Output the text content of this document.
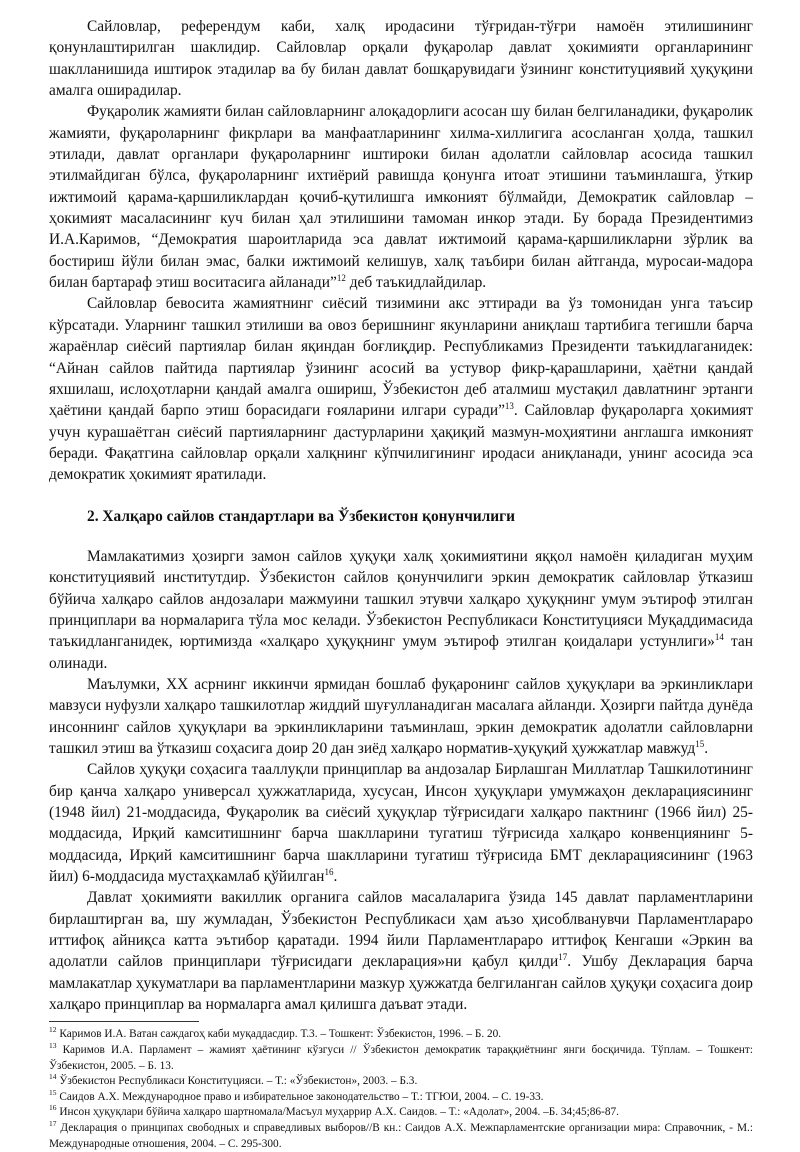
Сайловлар, референдум каби, халқ иродасини тўғридан-тўғри намоён этилишининг қонунлаштирилган шаклидир. Сайловлар орқали фуқаролар давлат ҳокимияти органларининг шаклланишида иштирок этадилар ва бу билан давлат бошқарувидаги ўзининг конституциявий ҳуқуқини амалга оширадилар.

Фуқаролик жамияти билан сайловларнинг алоқадорлиги асосан шу билан белгиланадики, фуқаролик жамияти, фуқароларнинг фикрлари ва манфаатларининг хилма-хиллигига асосланган ҳолда, ташкил этилади, давлат органлари фуқароларнинг иштироки билан адолатли сайловлар асосида ташкил этилмайдиган бўлса, фуқароларнинг ихтиёрий равишда қонунга итоат этишини таъминлашга, ўткир ижтимоий қарама-қаршиликлардан қочиб-қутилишга имконият бўлмайди, Демократик сайловлар – ҳокимият масаласининг куч билан ҳал этилишини тамоман инкор этади. Бу борада Президентимиз И.А.Каримов, “Демократия шароитларида эса давлат ижтимоий қарама-қаршиликларни зўрлик ва бостириш йўли билан эмас, балки ижтимоий келишув, халқ таъбири билан айтганда, муросаи-мадора билан бартараф этиш воситасига айланади”$^{12}$ деб таъкидлайдилар.

Сайловлар бевосита жамиятнинг сиёсий тизимини акс эттиради ва ўз томонидан унга таъсир кўрсатади. Уларнинг ташкил этилиши ва овоз беришнинг якунларини аниқлаш тартибига тегишли барча жараёнлар сиёсий партиялар билан яқиндан боғлиқдир. Республикамиз Президенти таъкидлаганидек: “Айнан сайлов пайтида партиялар ўзининг асосий ва устувор фикр-қарашларини, ҳаётни қандай яхшилаш, ислоҳотларни қандай амалга ошириш, Ўзбекистон деб аталмиш мустақил давлатнинг эртанги ҳаётини қандай барпо этиш борасидаги ғояларини илгари суради”$^{13}$. Сайловлар фуқароларга ҳокимият учун курашаётган сиёсий партияларнинг дастурларини ҳақиқий мазмун-моҳиятини англашга имконият беради. Фақатгина сайловлар орқали халқнинг кўпчилигининг иродаси аниқланади, унинг асосида эса демократик ҳокимият яратилади.

2. Халқаро сайлов стандартлари ва Ўзбекистон қонунчилиги

Мамлакатимиз ҳозирги замон сайлов ҳуқуқи халқ ҳокимиятини яққол намоён қиладиган муҳим конституциявий институтдир. Ўзбекистон сайлов қонунчилиги эркин демократик сайловлар ўтказиш бўйича халқаро сайлов андозалари мажмуини ташкил этувчи халқаро ҳуқуқнинг умум эътироф этилган принциплари ва нормаларига тўла мос келади. Ўзбекистон Республикаси Конституцияси Муқаддимасида таъкидланганидек, юртимизда «халқаро ҳуқуқнинг умум эътироф этилган қоидалари устунлиги»$^{14}$ тан олинади.

Маълумки, XX асрнинг иккинчи ярмидан бошлаб фуқаронинг сайлов ҳуқуқлари ва эркинликлари мавзуси нуфузли халқаро ташкилотлар жиддий шуғулланадиган масалага айланди. Ҳозирги пайтда дунёда инсоннинг сайлов ҳуқуқлари ва эркинликларини таъминлаш, эркин демократик адолатли сайловларни ташкил этиш ва ўтказиш соҳасига доир 20 дан зиёд халқаро норматив-ҳуқуқий ҳужжатлар мавжуд$^{15}$.

Сайлов ҳуқуқи соҳасига тааллуқли принциплар ва андозалар Бирлашган Миллатлар Ташкилотининг бир қанча халқаро универсал ҳужжатларида, хусусан, Инсон ҳуқуқлари умумжаҳон декларациясининг (1948 йил) 21-моддасида, Фуқаролик ва сиёсий ҳуқуқлар тўғрисидаги халқаро пактнинг (1966 йил) 25-моддасида, Ирқий камситишнинг барча шаклларини тугатиш тўғрисида халқаро конвенциянинг 5-моддасида, Ирқий камситишнинг барча шаклларини тугатиш тўғрисида БМТ декларациясининг (1963 йил) 6-моддасида мустаҳкамлаб қўйилган$^{16}$.

Давлат ҳокимияти вакиллик органига сайлов масалаларига ўзида 145 давлат парламентларини бирлаштирган ва, шу жумладан, Ўзбекистон Республикаси ҳам аъзо ҳисоблванувчи Парламентлараро иттифоқ айниқса катта эътибор қаратади. 1994 йили Парламентлараро иттифоқ Кенгаши «Эркин ва адолатли сайлов принциплари тўғрисидаги декларация»ни қабул қилди$^{17}$. Ушбу Декларация барча мамлакатлар ҳукуматлари ва парламентларини мазкур ҳужжатда белгиланган сайлов ҳуқуқи соҳасига доир халқаро принциплар ва нормаларга амал қилишга даъват этади.

$^{12}$ Каримов И.А. Ватан саждагоҳ каби муқаддасдир. Т.3. – Тошкент: Ўзбекистон, 1996. – Б. 20.

$^{13}$ Каримов И.А. Парламент – жамият ҳаётининг кўзгуси // Ўзбекистон демократик тараққиётнинг янги босқичида. Тўплам. – Тошкент: Ўзбекистон, 2005. – Б. 13.

$^{14}$ Ўзбекистон Республикаси Конституцияси. – Т.: «Ўзбекистон», 2003. – Б.3.

$^{15}$ Саидов А.Х. Международное право и избирательное законодательство – Т.: ТГЮИ, 2004. – С. 19-33.

$^{16}$ Инсон ҳуқуқлари бўйича халқаро шартномала/Масъул муҳаррир А.Х. Саидов. – Т.: «Адолат», 2004. –Б. 34;45;86-87.

$^{17}$ Декларация о принципах свободных и справедливых выборов//В кн.: Саидов А.Х. Межпарламентские организации мира: Справочник, - М.: Международные отношения, 2004. – С. 295-300.
